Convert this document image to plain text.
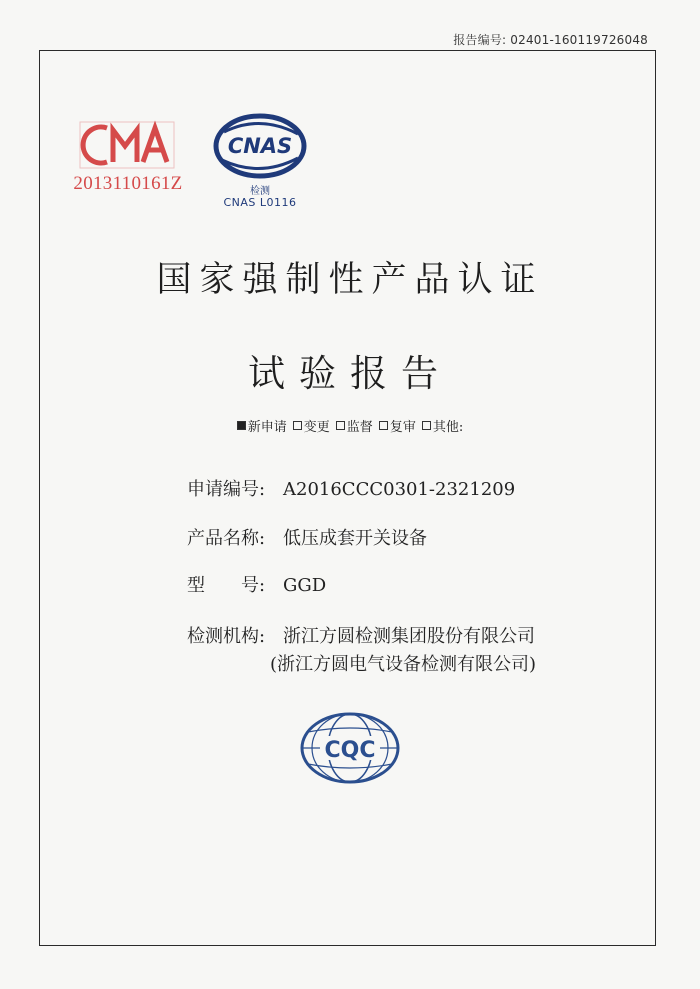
报告编号: 02401-160119726048
2013110161Z
CNAS
检测
CNAS L0116
国家强制性产品认证
试验报告
新申请 变更 监督 复审 其他:
申请编号: A2016CCC0301-2321209
产品名称: 低压成套开关设备
型　　号: GGD
检测机构: 浙江方圆检测集团股份有限公司
(浙江方圆电气设备检测有限公司)
CQC
